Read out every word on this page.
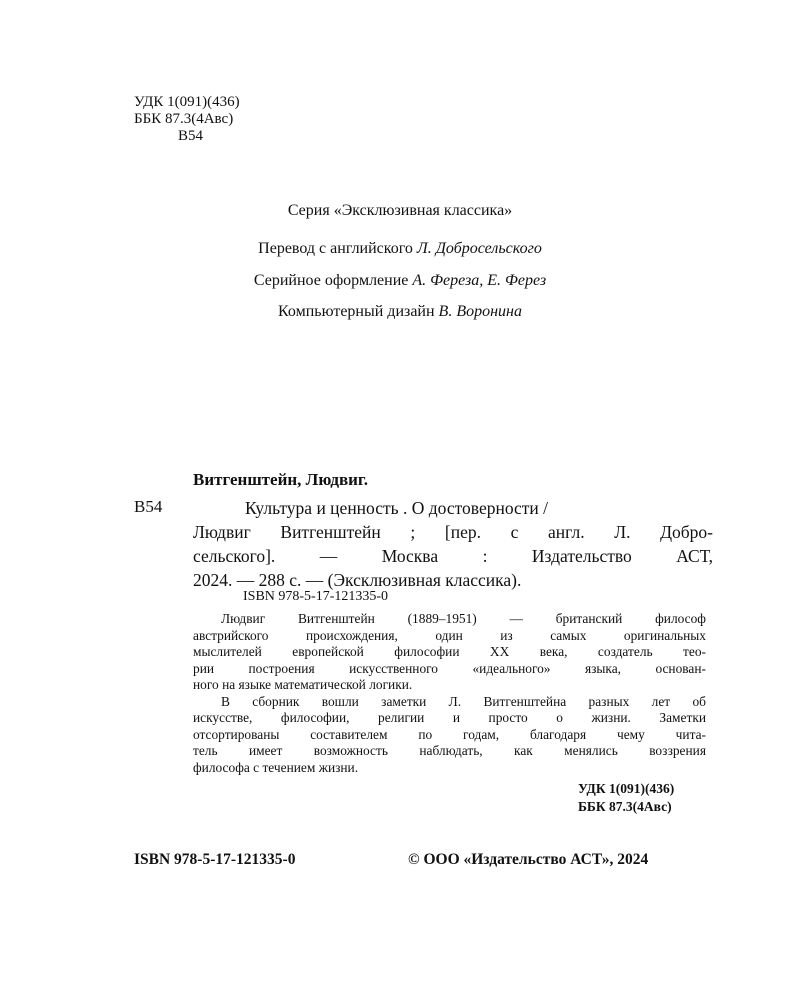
УДК 1(091)(436)
ББК 87.3(4Авс)
В54
Серия «Эксклюзивная классика»
Перевод с английского Л. Добросельского
Серийное оформление А. Фереза, Е. Ферез
Компьютерный дизайн В. Воронина
Витгенштейн, Людвиг.
В54	Культура и ценность . О достоверности /
Людвиг Витгенштейн ; [пер. с англ. Л. Добро-
сельского]. — Москва : Издательство АСТ,
2024. — 288 с. — (Эксклюзивная классика).
ISBN 978-5-17-121335-0
Людвиг Витгенштейн (1889–1951) — британский философ
австрийского происхождения, один из самых оригинальных
мыслителей европейской философии XX века, создатель тео-
рии построения искусственного «идеального» языка, основан-
ного на языке математической логики.
В сборник вошли заметки Л. Витгенштейна разных лет об
искусстве, философии, религии и просто о жизни. Заметки
отсортированы составителем по годам, благодаря чему чита-
тель имеет возможность наблюдать, как менялись воззрения
философа с течением жизни.
УДК 1(091)(436)
ББК 87.3(4Авс)
ISBN 978-5-17-121335-0	© ООО «Издательство АСТ», 2024
